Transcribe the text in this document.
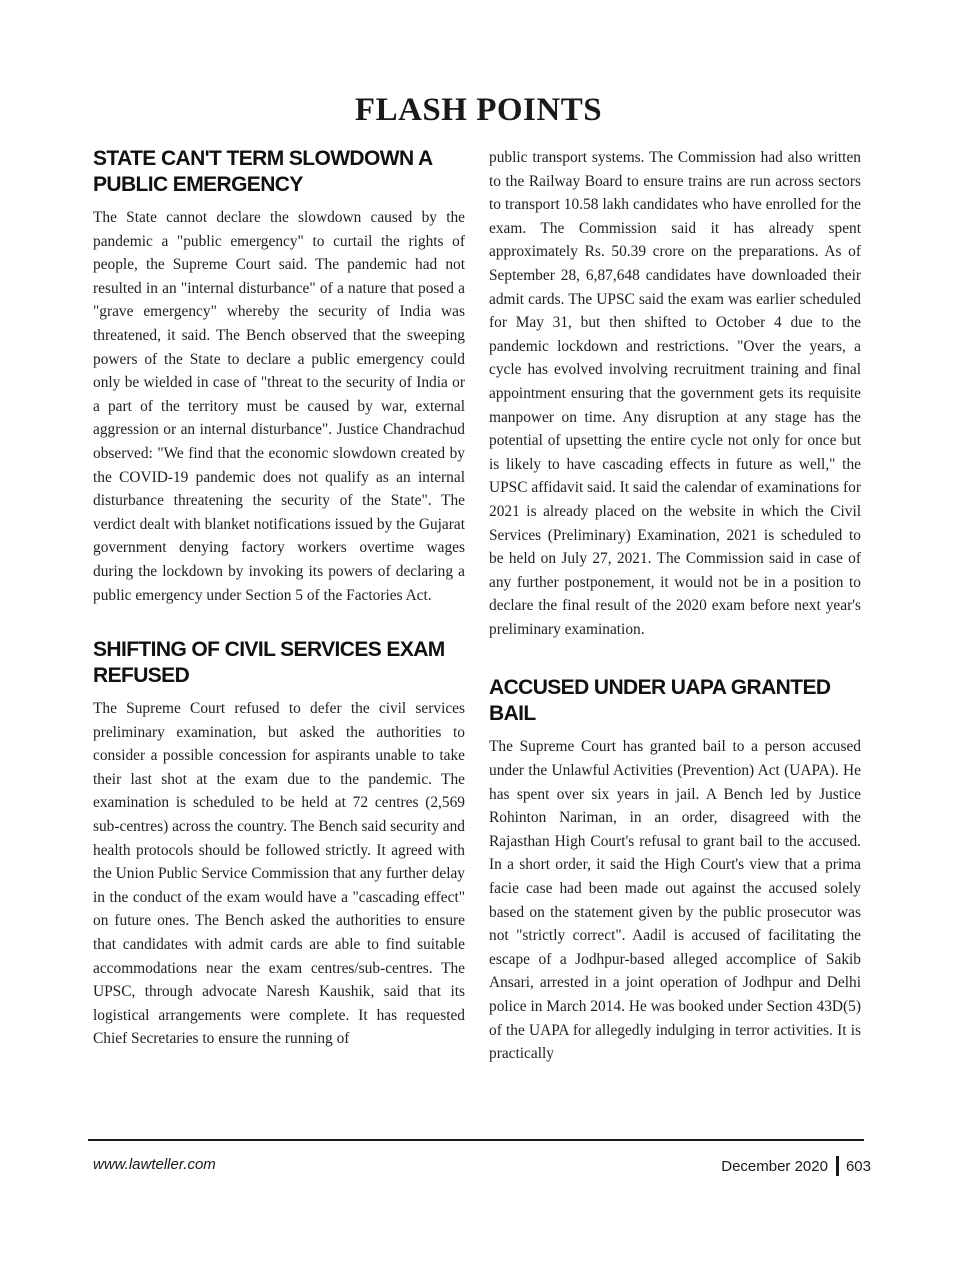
FLASH POINTS
STATE CAN'T TERM SLOWDOWN A PUBLIC EMERGENCY

The State cannot declare the slowdown caused by the pandemic a "public emergency" to curtail the rights of people, the Supreme Court said. The pandemic had not resulted in an "internal disturbance" of a nature that posed a "grave emergency" whereby the security of India was threatened, it said. The Bench observed that the sweeping powers of the State to declare a public emergency could only be wielded in case of "threat to the security of India or a part of the territory must be caused by war, external aggression or an internal disturbance". Justice Chandrachud observed: "We find that the economic slowdown created by the COVID-19 pandemic does not qualify as an internal disturbance threatening the security of the State". The verdict dealt with blanket notifications issued by the Gujarat government denying factory workers overtime wages during the lockdown by invoking its powers of declaring a public emergency under Section 5 of the Factories Act.

SHIFTING OF CIVIL SERVICES EXAM REFUSED

The Supreme Court refused to defer the civil services preliminary examination, but asked the authorities to consider a possible concession for aspirants unable to take their last shot at the exam due to the pandemic. The examination is scheduled to be held at 72 centres (2,569 sub-centres) across the country. The Bench said security and health protocols should be followed strictly. It agreed with the Union Public Service Commission that any further delay in the conduct of the exam would have a "cascading effect" on future ones. The Bench asked the authorities to ensure that candidates with admit cards are able to find suitable accommodations near the exam centres/sub-centres. The UPSC, through advocate Naresh Kaushik, said that its logistical arrangements were complete. It has requested Chief Secretaries to ensure the running of

public transport systems. The Commission had also written to the Railway Board to ensure trains are run across sectors to transport 10.58 lakh candidates who have enrolled for the exam. The Commission said it has already spent approximately Rs. 50.39 crore on the preparations. As of September 28, 6,87,648 candidates have downloaded their admit cards. The UPSC said the exam was earlier scheduled for May 31, but then shifted to October 4 due to the pandemic lockdown and restrictions. "Over the years, a cycle has evolved involving recruitment training and final appointment ensuring that the government gets its requisite manpower on time. Any disruption at any stage has the potential of upsetting the entire cycle not only for once but is likely to have cascading effects in future as well," the UPSC affidavit said. It said the calendar of examinations for 2021 is already placed on the website in which the Civil Services (Preliminary) Examination, 2021 is scheduled to be held on July 27, 2021. The Commission said in case of any further postponement, it would not be in a position to declare the final result of the 2020 exam before next year's preliminary examination.

ACCUSED UNDER UAPA GRANTED BAIL

The Supreme Court has granted bail to a person accused under the Unlawful Activities (Prevention) Act (UAPA). He has spent over six years in jail. A Bench led by Justice Rohinton Nariman, in an order, disagreed with the Rajasthan High Court's refusal to grant bail to the accused. In a short order, it said the High Court's view that a prima facie case had been made out against the accused solely based on the statement given by the public prosecutor was not "strictly correct". Aadil is accused of facilitating the escape of a Jodhpur-based alleged accomplice of Sakib Ansari, arrested in a joint operation of Jodhpur and Delhi police in March 2014. He was booked under Section 43D(5) of the UAPA for allegedly indulging in terror activities. It is practically

www.lawteller.com	December 2020 603
